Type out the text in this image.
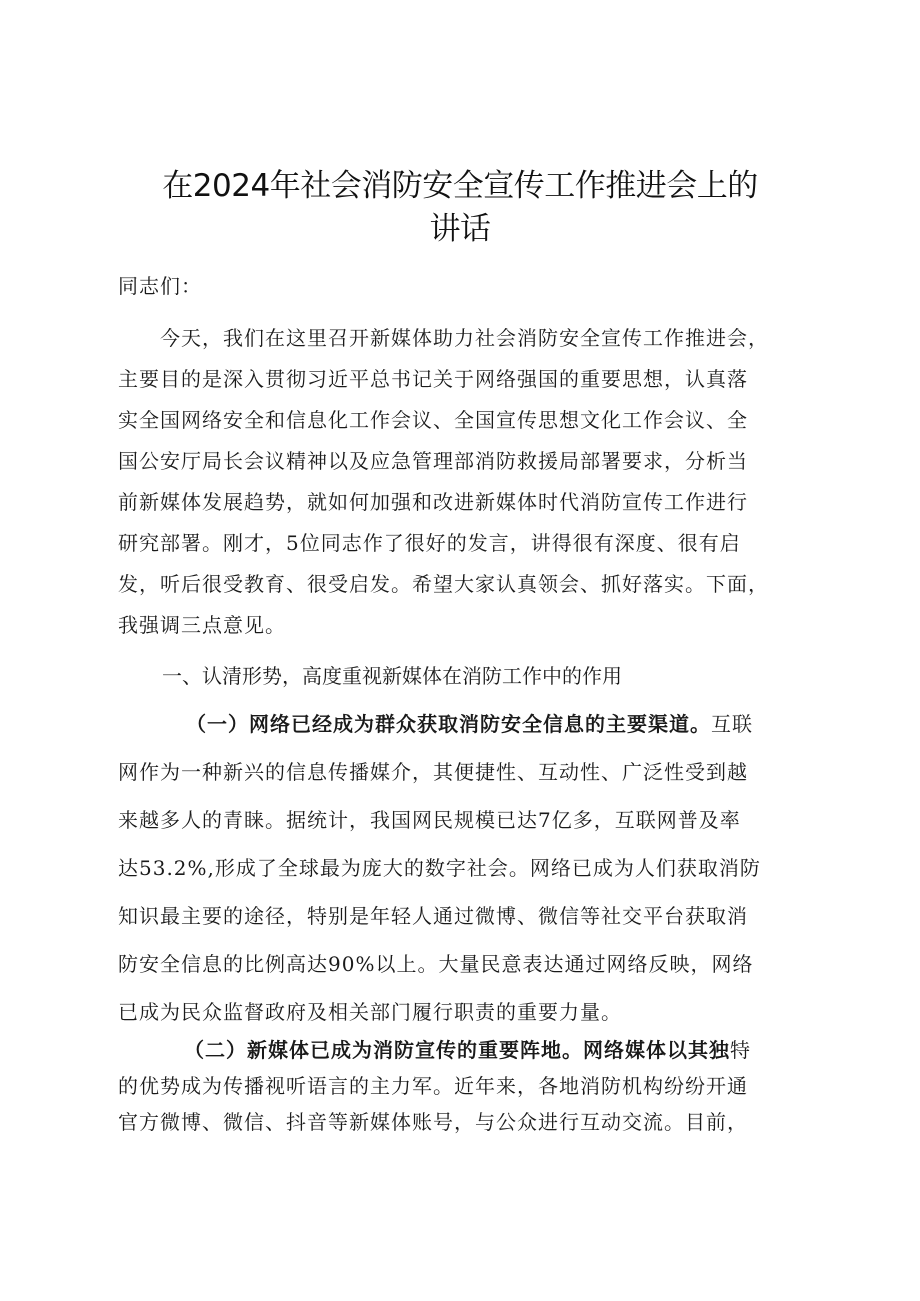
在2024年社会消防安全宣传工作推进会上的
讲话
同志们：
今天，我们在这里召开新媒体助力社会消防安全宣传工作推进会，
主要目的是深入贯彻习近平总书记关于网络强国的重要思想，认真落
实全国网络安全和信息化工作会议、全国宣传思想文化工作会议、全
国公安厅局长会议精神以及应急管理部消防救援局部署要求，分析当
前新媒体发展趋势，就如何加强和改进新媒体时代消防宣传工作进行
研究部署。刚才，5位同志作了很好的发言，讲得很有深度、很有启
发，听后很受教育、很受启发。希望大家认真领会、抓好落实。下面，
我强调三点意见。
一、认清形势，高度重视新媒体在消防工作中的作用
（一）网络已经成为群众获取消防安全信息的主要渠道。互联
网作为一种新兴的信息传播媒介，其便捷性、互动性、广泛性受到越
来越多人的青睐。据统计，我国网民规模已达7亿多，互联网普及率
达53.2%,形成了全球最为庞大的数字社会。网络已成为人们获取消防
知识最主要的途径，特别是年轻人通过微博、微信等社交平台获取消
防安全信息的比例高达90%以上。大量民意表达通过网络反映，网络
已成为民众监督政府及相关部门履行职责的重要力量。
（二）新媒体已成为消防宣传的重要阵地。网络媒体以其独特
的优势成为传播视听语言的主力军。近年来，各地消防机构纷纷开通
官方微博、微信、抖音等新媒体账号，与公众进行互动交流。目前，
